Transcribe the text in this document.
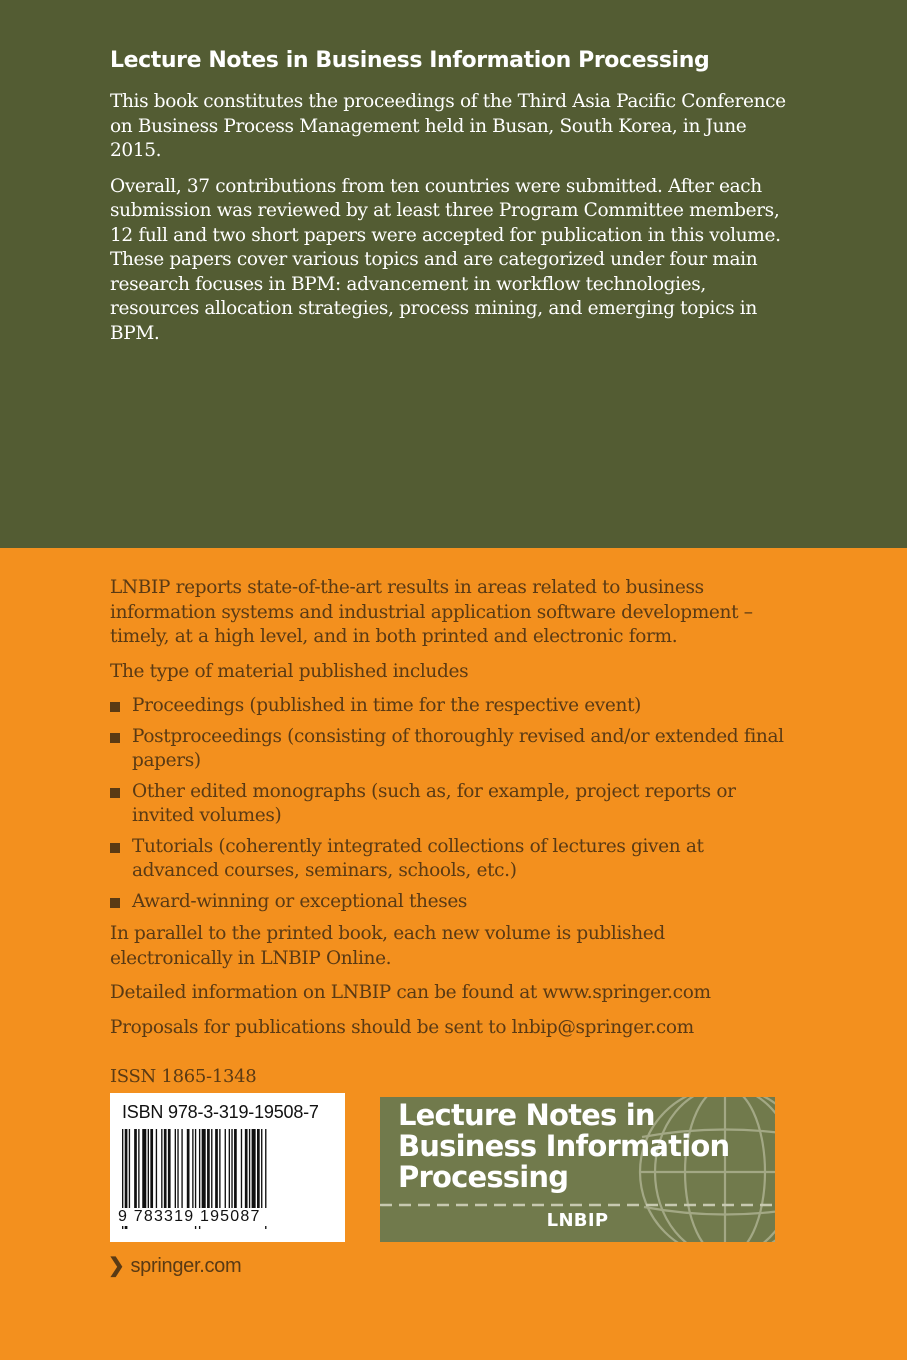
Lecture Notes in Business Information Processing

This book constitutes the proceedings of the Third Asia Pacific Conference on Business Process Management held in Busan, South Korea, in June 2015.

Overall, 37 contributions from ten countries were submitted. After each submission was reviewed by at least three Program Committee members, 12 full and two short papers were accepted for publication in this volume. These papers cover various topics and are categorized under four main research focuses in BPM: advancement in workflow technologies, resources allocation strategies, process mining, and emerging topics in BPM.

LNBIP reports state-of-the-art results in areas related to business information systems and industrial application software development – timely, at a high level, and in both printed and electronic form.

The type of material published includes

Proceedings (published in time for the respective event)
Postproceedings (consisting of thoroughly revised and/or extended final papers)
Other edited monographs (such as, for example, project reports or invited volumes)
Tutorials (coherently integrated collections of lectures given at advanced courses, seminars, schools, etc.)
Award-winning or exceptional theses

In parallel to the printed book, each new volume is published electronically in LNBIP Online.

Detailed information on LNBIP can be found at www.springer.com

Proposals for publications should be sent to lnbip@springer.com

ISSN 1865-1348
ISBN 978-3-319-19508-7
9 783319 195087
❯ springer.com
Lecture Notes in Business Information Processing
LNBIP
